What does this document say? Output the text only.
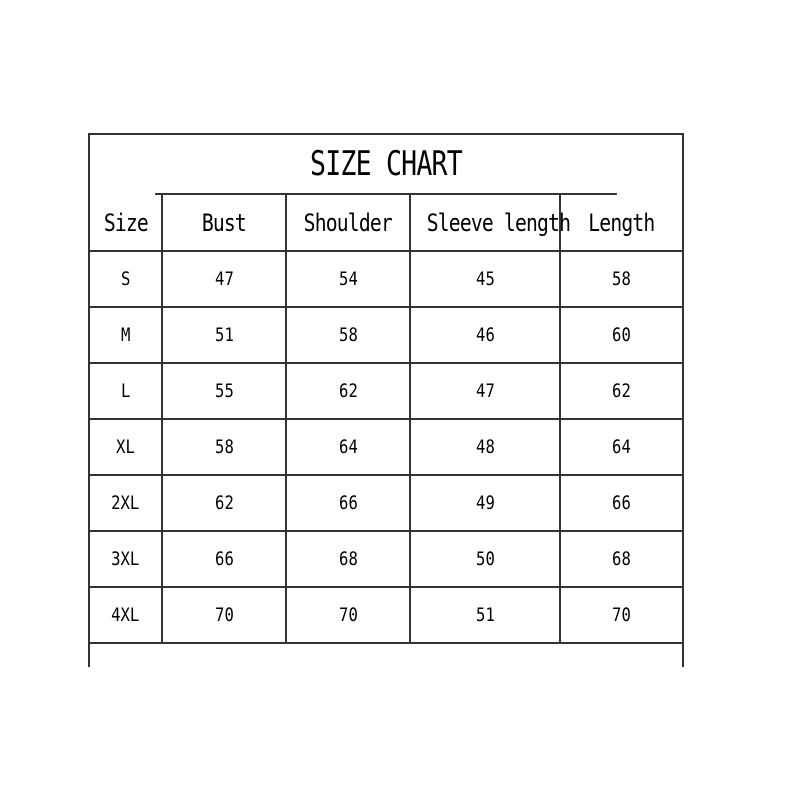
SIZE CHART
Size	Bust	Shoulder	Sleeve length	Length
S	47	54	45	58
M	51	58	46	60
L	55	62	47	62
XL	58	64	48	64
2XL	62	66	49	66
3XL	66	68	50	68
4XL	70	70	51	70
